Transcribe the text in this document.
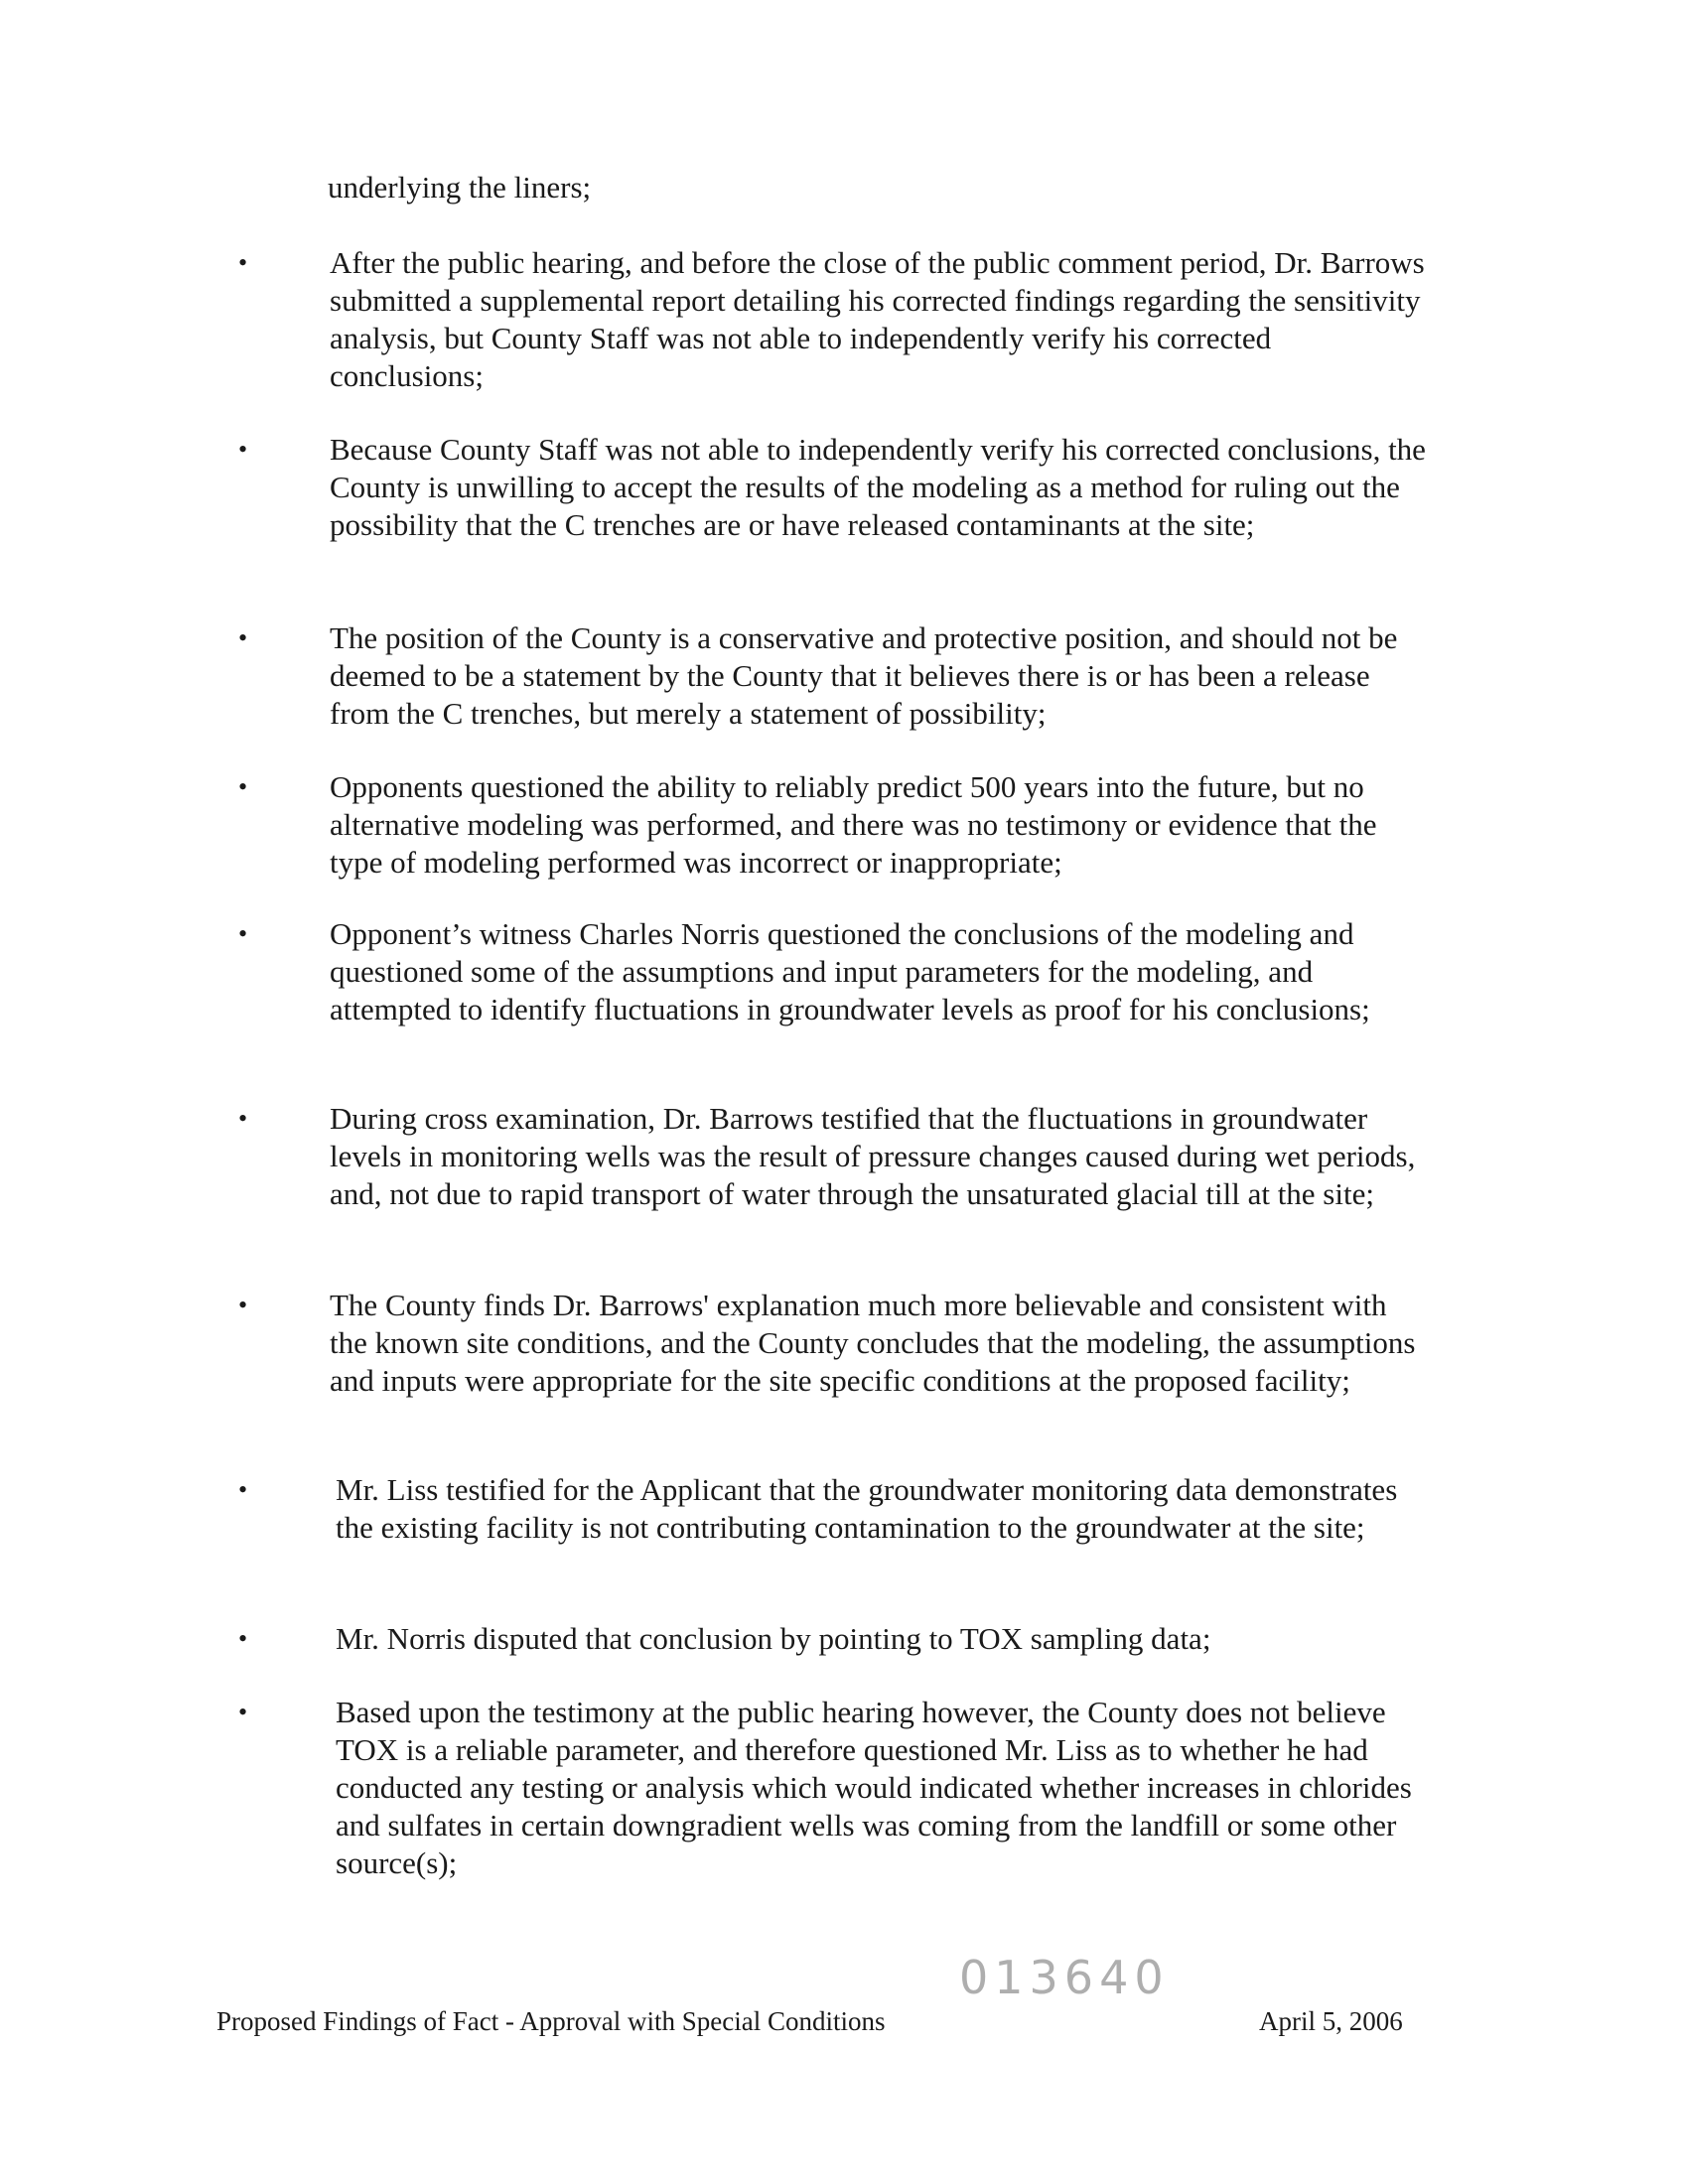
underlying the liners;
•	After the public hearing, and before the close of the public comment period, Dr. Barrows submitted a supplemental report detailing his corrected findings regarding the sensitivity analysis, but County Staff was not able to independently verify his corrected conclusions;
•	Because County Staff was not able to independently verify his corrected conclusions, the County is unwilling to accept the results of the modeling as a method for ruling out the possibility that the C trenches are or have released contaminants at the site;
•	The position of the County is a conservative and protective position, and should not be deemed to be a statement by the County that it believes there is or has been a release from the C trenches, but merely a statement of possibility;
•	Opponents questioned the ability to reliably predict 500 years into the future, but no alternative modeling was performed, and there was no testimony or evidence that the type of modeling performed was incorrect or inappropriate;
•	Opponent’s witness Charles Norris questioned the conclusions of the modeling and questioned some of the assumptions and input parameters for the modeling, and attempted to identify fluctuations in groundwater levels as proof for his conclusions;
•	During cross examination, Dr. Barrows testified that the fluctuations in groundwater levels in monitoring wells was the result of pressure changes caused during wet periods, and, not due to rapid transport of water through the unsaturated glacial till at the site;
•	The County finds Dr. Barrows' explanation much more believable and consistent with the known site conditions, and the County concludes that the modeling, the assumptions and inputs were appropriate for the site specific conditions at the proposed facility;
•	Mr. Liss testified for the Applicant that the groundwater monitoring data demonstrates the existing facility is not contributing contamination to the groundwater at the site;
•	Mr. Norris disputed that conclusion by pointing to TOX sampling data;
•	Based upon the testimony at the public hearing however, the County does not believe TOX is a reliable parameter, and therefore questioned Mr. Liss as to whether he had conducted any testing or analysis which would indicated whether increases in chlorides and sulfates in certain downgradient wells was coming from the landfill or some other source(s);
013640
Proposed Findings of Fact - Approval with Special Conditions	April 5, 2006
